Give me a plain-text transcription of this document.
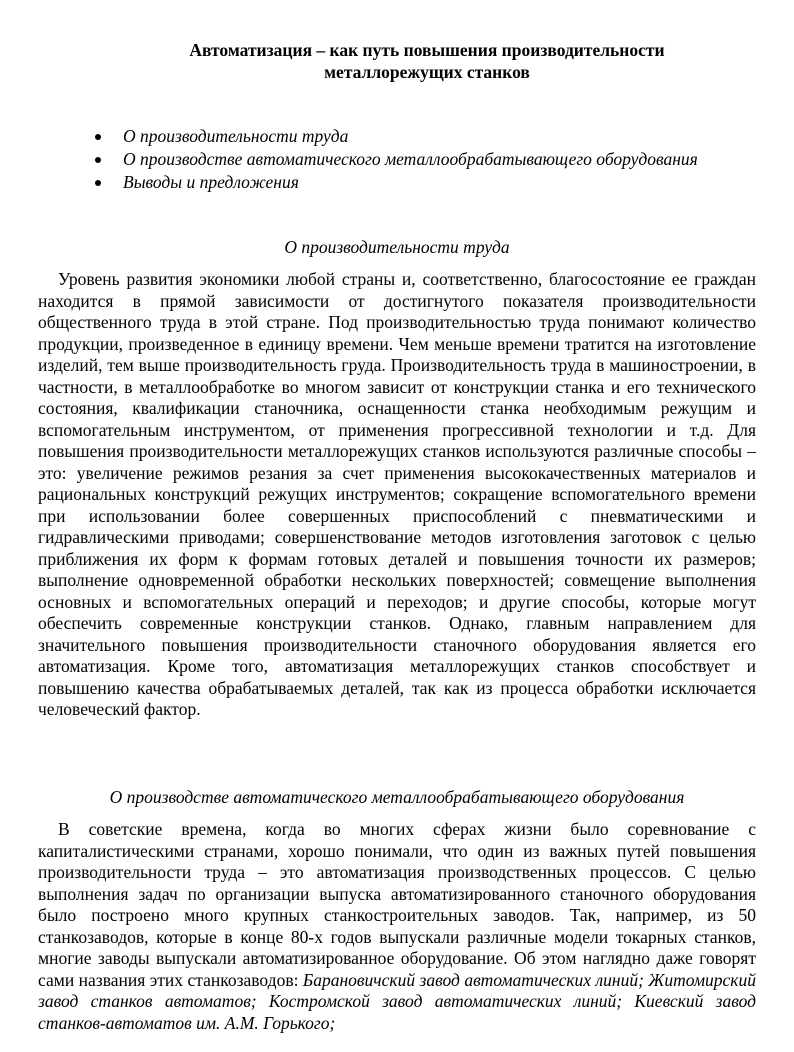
Автоматизация – как путь повышения производительности
металлорежущих станков
О производительности труда
О производстве автоматического металлообрабатывающего оборудования
Выводы и предложения
О производительности труда

Уровень развития экономики любой страны и, соответственно, благосостояние ее граждан находится в прямой зависимости от достигнутого показателя производительности общественного труда в этой стране. Под производительностью труда понимают количество продукции, произведенное в единицу времени. Чем меньше времени тратится на изготовление изделий, тем выше производительность груда. Производительность труда в машиностроении, в частности, в металлообработке во многом зависит от конструкции станка и его технического состояния, квалификации станочника, оснащенности станка необходимым режущим и вспомогательным инструментом, от применения прогрессивной технологии и т.д. Для повышения производительности металлорежущих станков используются различные способы – это: увеличение режимов резания за счет применения высококачественных материалов и рациональных конструкций режущих инструментов; сокращение вспомогательного времени при использовании более совершенных приспособлений с пневматическими и гидравлическими приводами; совершенствование методов изготовления заготовок с целью приближения их форм к формам готовых деталей и повышения точности их размеров; выполнение одновременной обработки нескольких поверхностей; совмещение выполнения основных и вспомогательных операций и переходов; и другие способы, которые могут обеспечить современные конструкции станков. Однако, главным направлением для значительного повышения производительности станочного оборудования является его автоматизация. Кроме того, автоматизация металлорежущих станков способствует и повышению качества обрабатываемых деталей, так как из процесса обработки исключается человеческий фактор.

О производстве автоматического металлообрабатывающего оборудования

В советские времена, когда во многих сферах жизни было соревнование с капиталистическими странами, хорошо понимали, что один из важных путей повышения производительности труда – это автоматизация производственных процессов. С целью выполнения задач по организации выпуска автоматизированного станочного оборудования было построено много крупных станкостроительных заводов. Так, например, из 50 станкозаводов, которые в конце 80-х годов выпускали различные модели токарных станков, многие заводы выпускали автоматизированное оборудование. Об этом наглядно даже говорят сами названия этих станкозаводов: Барановичский завод автоматических линий; Житомирский завод станков автоматов; Костромской завод автоматических линий; Киевский завод станков-автоматов им. А.М. Горького;
